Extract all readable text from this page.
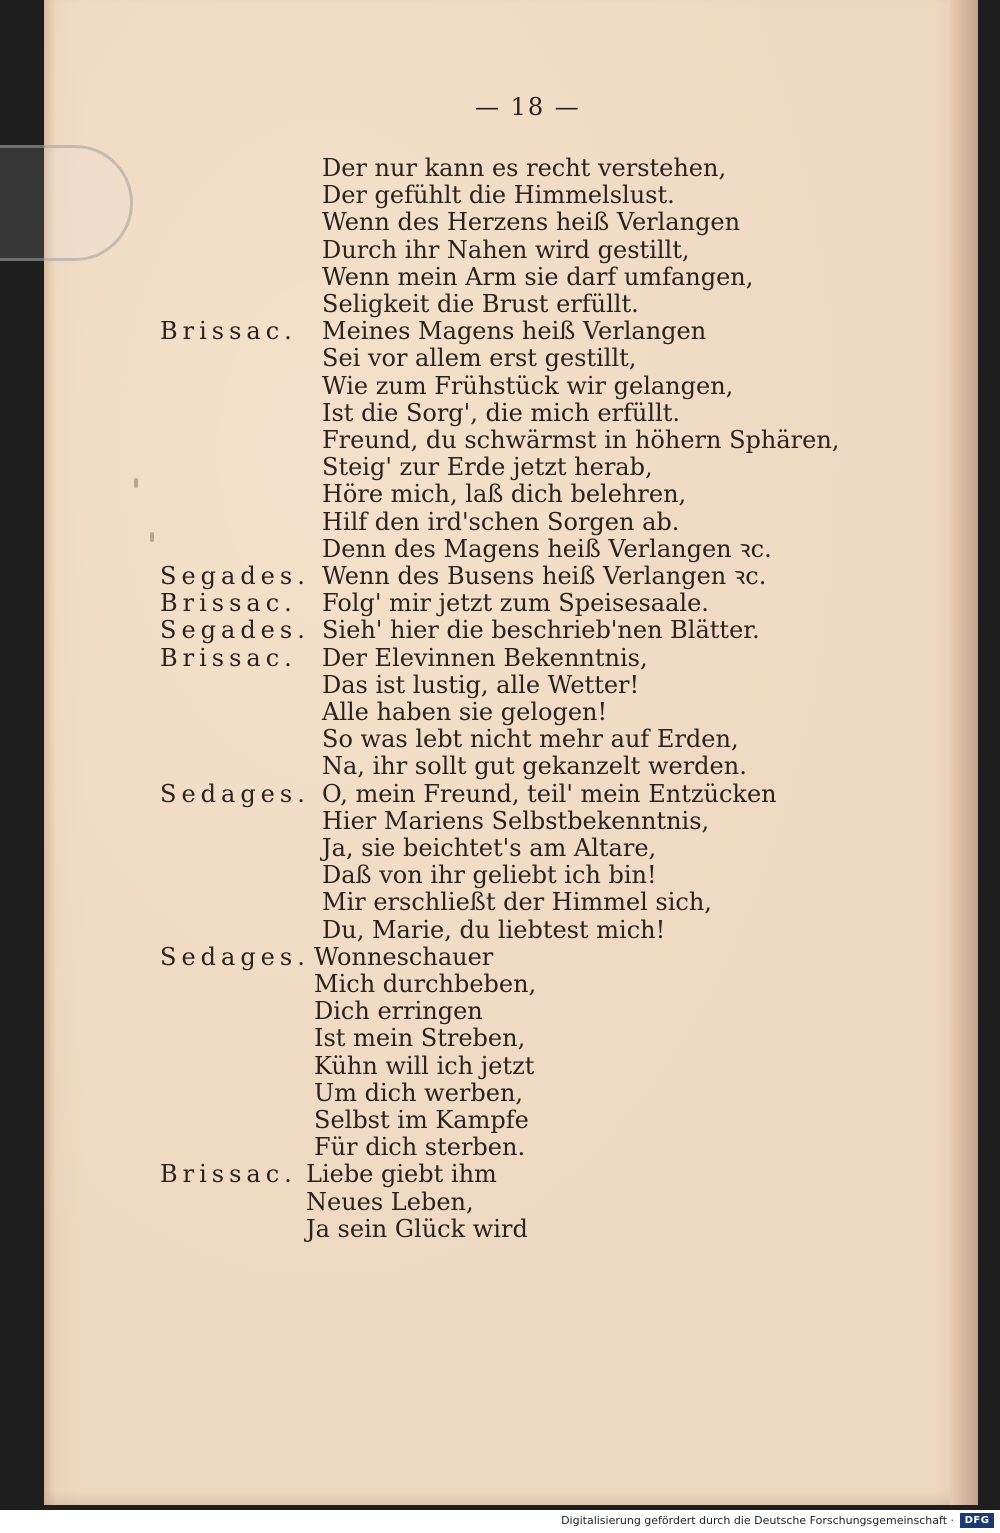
— 18 —
Der nur kann es recht verstehen,
Der gefühlt die Himmelslust.
Wenn des Herzens heiß Verlangen
Durch ihr Nahen wird gestillt,
Wenn mein Arm sie darf umfangen,
Seligkeit die Brust erfüllt.
Brissac. Meines Magens heiß Verlangen
Sei vor allem erst gestillt,
Wie zum Frühstück wir gelangen,
Ist die Sorg', die mich erfüllt.
Freund, du schwärmst in höhern Sphären,
Steig' zur Erde jetzt herab,
Höre mich, laß dich belehren,
Hilf den ird'schen Sorgen ab.
Denn des Magens heiß Verlangen ꝛc.
Segades. Wenn des Busens heiß Verlangen ꝛc.
Brissac. Folg' mir jetzt zum Speisesaale.
Segades. Sieh' hier die beschrieb'nen Blätter.
Brissac. Der Elevinnen Bekenntnis,
Das ist lustig, alle Wetter!
Alle haben sie gelogen!
So was lebt nicht mehr auf Erden,
Na, ihr sollt gut gekanzelt werden.
Sedages. O, mein Freund, teil' mein Entzücken
Hier Mariens Selbstbekenntnis,
Ja, sie beichtet's am Altare,
Daß von ihr geliebt ich bin!
Mir erschließt der Himmel sich,
Du, Marie, du liebtest mich!
Sedages. Wonneschauer
Mich durchbeben,
Dich erringen
Ist mein Streben,
Kühn will ich jetzt
Um dich werben,
Selbst im Kampfe
Für dich sterben.
Brissac. Liebe giebt ihm
Neues Leben,
Ja sein Glück wird
Digitalisierung gefördert durch die Deutsche Forschungsgemeinschaft ·	DFG
